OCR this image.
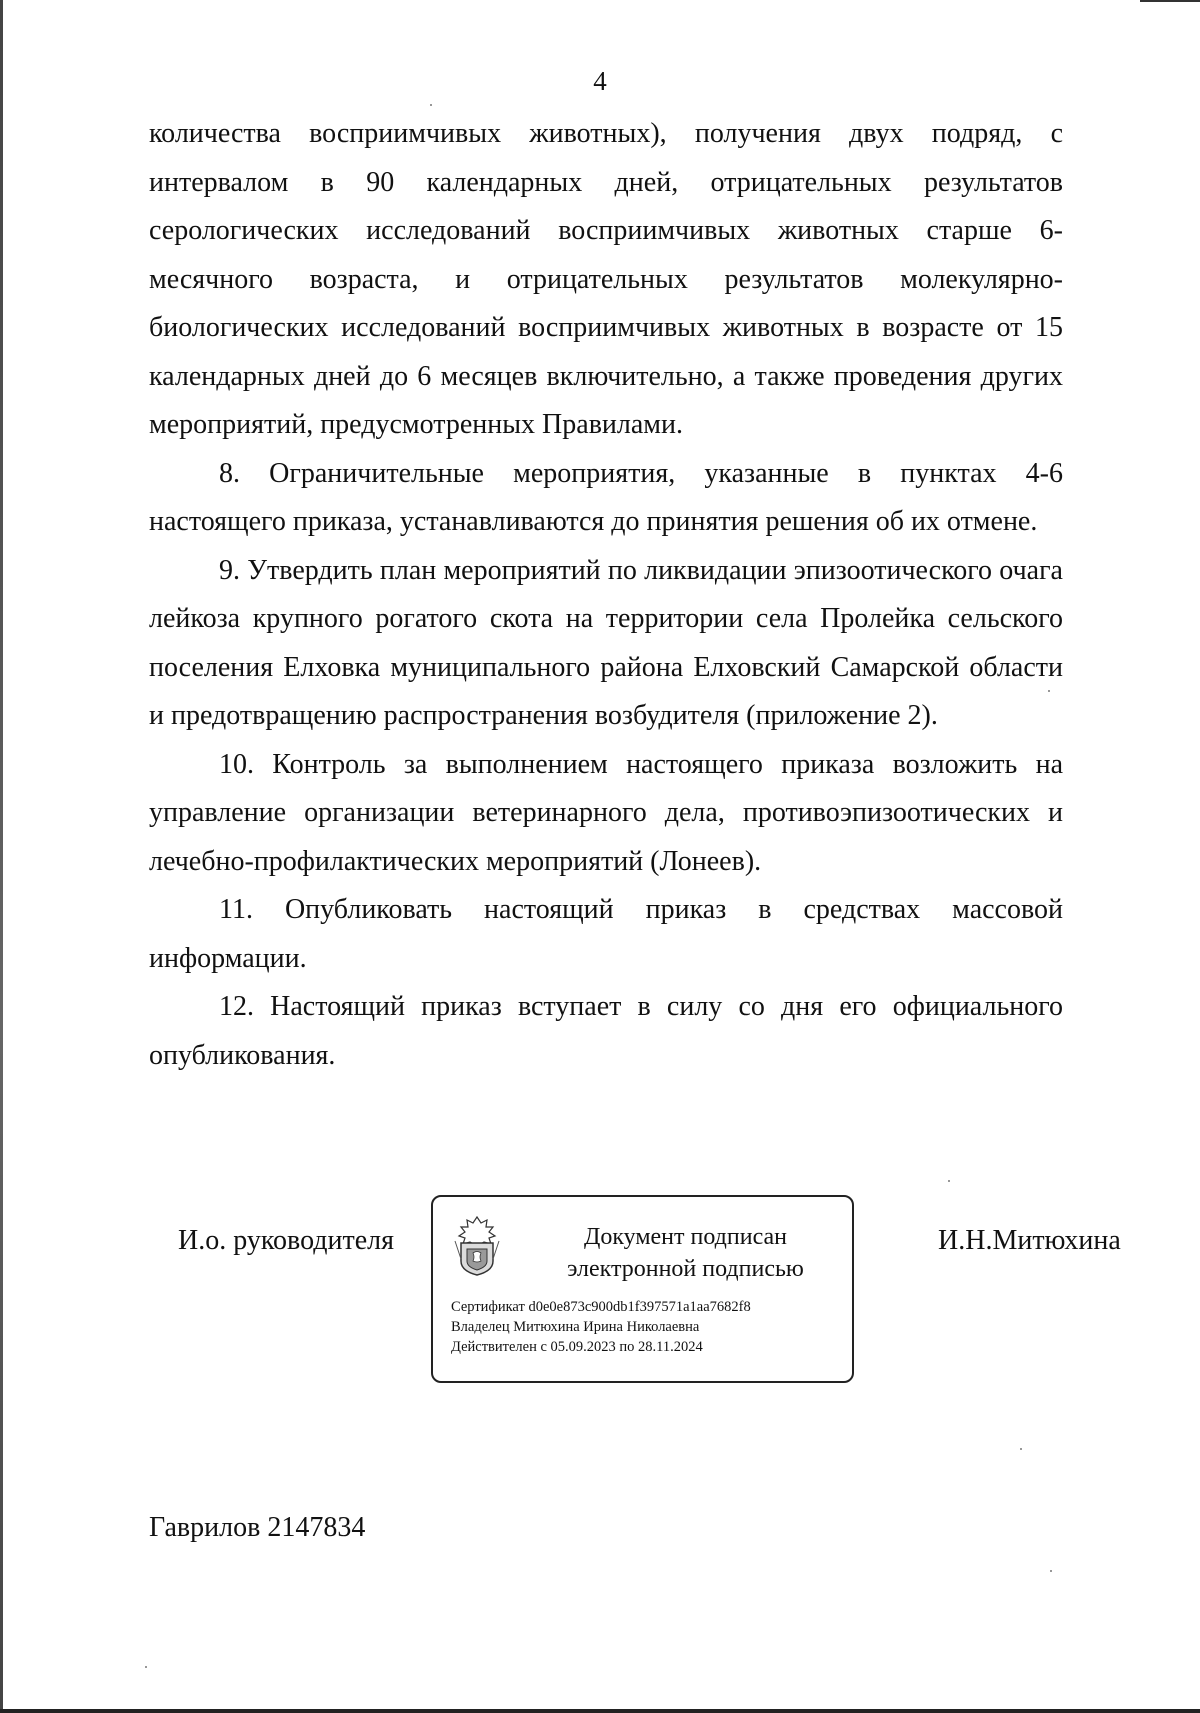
4

количества восприимчивых животных), получения двух подряд, с интервалом в 90 календарных дней, отрицательных результатов серологических исследований восприимчивых животных старше 6-месячного возраста, и отрицательных результатов молекулярно-биологических исследований восприимчивых животных в возрасте от 15 календарных дней до 6 месяцев включительно, а также проведения других мероприятий, предусмотренных Правилами.

8. Ограничительные мероприятия, указанные в пунктах 4-6 настоящего приказа, устанавливаются до принятия решения об их отмене.

9. Утвердить план мероприятий по ликвидации эпизоотического очага лейкоза крупного рогатого скота на территории села Пролейка сельского поселения Елховка муниципального района Елховский Самарской области и предотвращению распространения возбудителя (приложение 2).

10. Контроль за выполнением настоящего приказа возложить на управление организации ветеринарного дела, противоэпизоотических и лечебно-профилактических мероприятий (Лонеев).

11. Опубликовать настоящий приказ в средствах массовой информации.

12. Настоящий приказ вступает в силу со дня его официального опубликования.

И.о. руководителя	Документ подписан
электронной подписью
Сертификат d0e0e873c900db1f397571a1aa7682f8
Владелец Митюхина Ирина Николаевна
Действителен с 05.09.2023 по 28.11.2024
И.Н.Митюхина
Гаврилов 2147834
